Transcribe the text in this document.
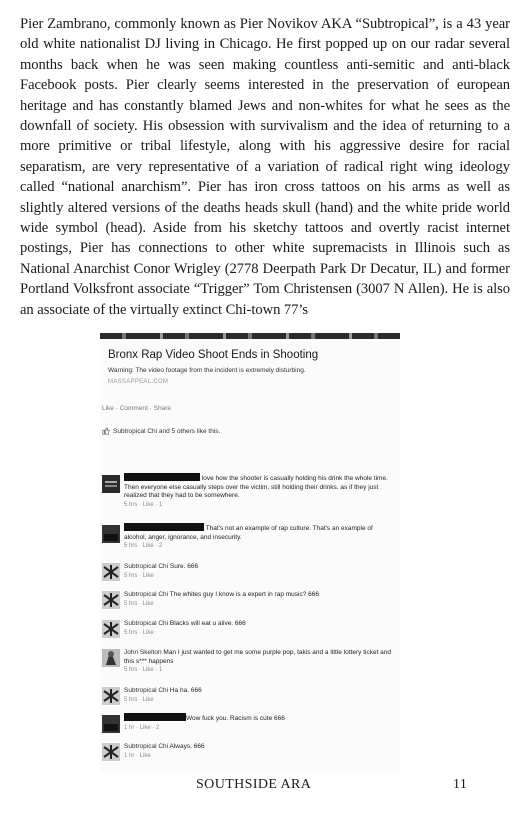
Pier Zambrano, commonly known as Pier Novikov AKA “Subtropical”, is a 43 year old white nationalist DJ living in Chicago. He first popped up on our radar several months back when he was seen making countless anti-semitic and anti-black Facebook posts. Pier clearly seems interested in the preservation of european heritage and has constantly blamed Jews and non-whites for what he sees as the downfall of society. His obsession with survivalism and the idea of returning to a more primitive or tribal lifestyle, along with his aggressive desire for racial separatism, are very representative of a variation of radical right wing ideology called “national anarchism”. Pier has iron cross tattoos on his arms as well as slightly altered versions of the deaths heads skull (hand) and the white pride world wide symbol (head). Aside from his sketchy tattoos and overtly racist internet postings, Pier has connections to other white supremacists in Illinois such as National Anarchist Conor Wrigley (2778 Deerpath Park Dr Decatur, IL) and former Portland Volksfront associate “Trigger” Tom Christensen (3007 N Allen). He is also an associate of the virtually extinct Chi-town 77’s
Bronx Rap Video Shoot Ends in Shooting
Warning: The video footage from the incident is extremely disturbing.
MASSAPPEAL.COM
Like · Comment · Share
Subtropical Chi and 5 others like this.
love how the shooter is casually holding his drink the whole time. Then everyone else casually steps over the victim, still holding their drinks. as if they just realized that they had to be somewhere.
5 hrs · Like · 1
That's not an example of rap culture. That's an example of alcohol, anger, ignorance, and insecurity.
5 hrs · Like · 2
Subtropical Chi Sure. 666
5 hrs · Like
Subtropical Chi The whites guy I know is a expert in rap music? 666
5 hrs · Like
Subtropical Chi Blacks will eat u alive. 666
5 hrs · Like
John Skelton Man I just wanted to get me some purple pop, takis and a little lottery ticket and this s*** happens
5 hrs · Like · 1
Subtropical Chi Ha ha. 666
5 hrs · Like
Wow fuck you. Racism is cute 666
1 hr · Like · 2
Subtropical Chi Always. 666
1 hr · Like
SOUTHSIDE ARA	11
